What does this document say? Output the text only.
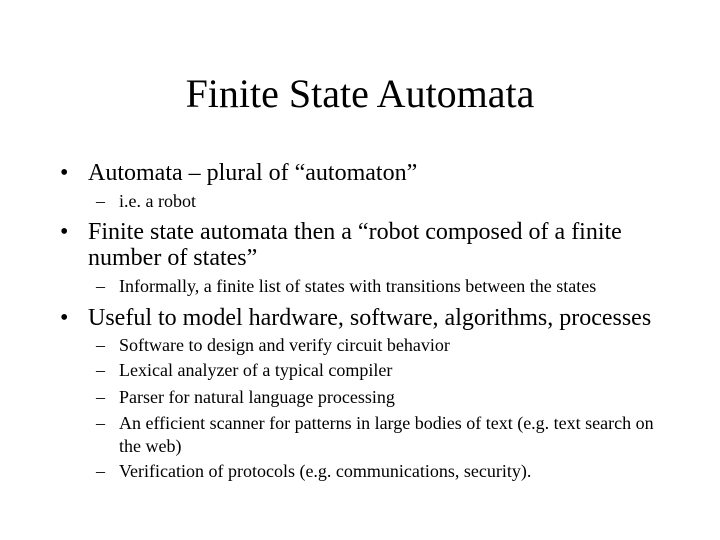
Finite State Automata
• Automata – plural of “automaton”
– i.e. a robot
• Finite state automata then a “robot composed of a finite number of states”
– Informally, a finite list of states with transitions between the states
• Useful to model hardware, software, algorithms, processes
– Software to design and verify circuit behavior
– Lexical analyzer of a typical compiler
– Parser for natural language processing
– An efficient scanner for patterns in large bodies of text (e.g. text search on the web)
– Verification of protocols (e.g. communications, security).
